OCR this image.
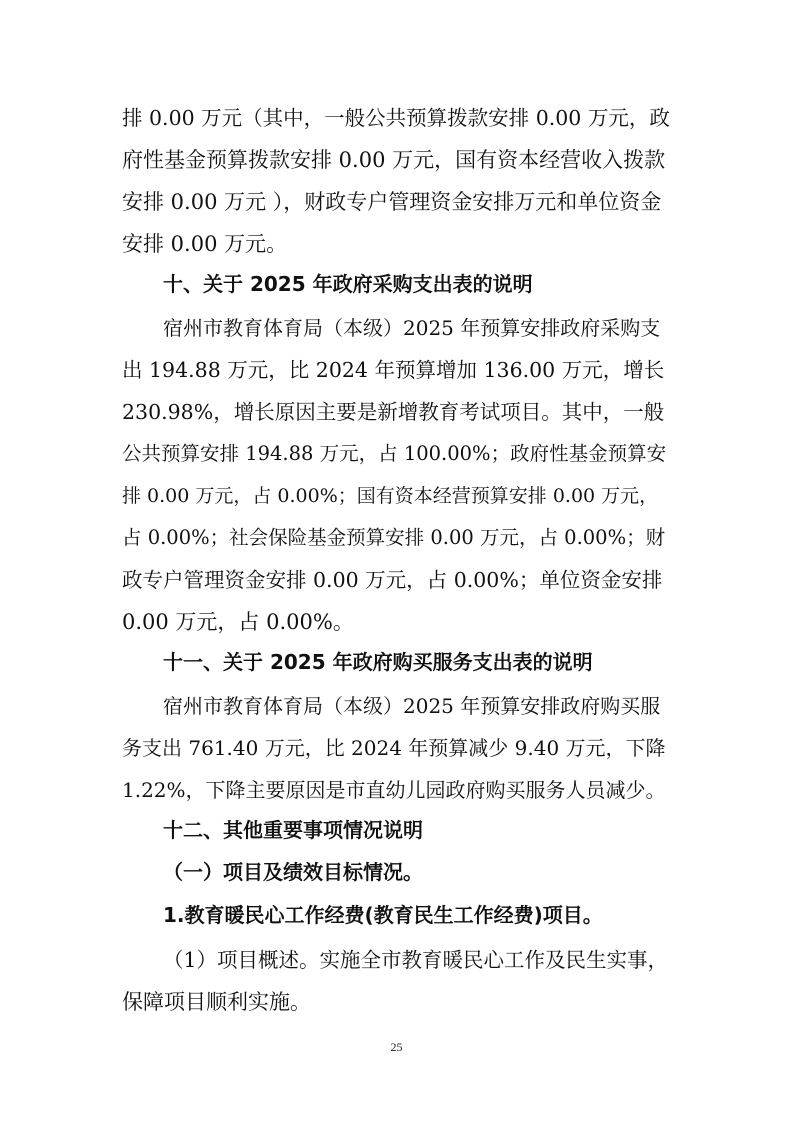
排 0.00 万元（其中，一般公共预算拨款安排 0.00 万元，政
府性基金预算拨款安排 0.00 万元，国有资本经营收入拨款
安排 0.00 万元 ），财政专户管理资金安排万元和单位资金
安排 0.00 万元。
十、关于 2025 年政府采购支出表的说明
宿州市教育体育局（本级）2025 年预算安排政府采购支
出 194.88 万元，比 2024 年预算增加 136.00 万元，增长
230.98%，增长原因主要是新增教育考试项目。其中，一般
公共预算安排 194.88 万元，占 100.00%；政府性基金预算安
排 0.00 万元，占 0.00%；国有资本经营预算安排 0.00 万元，
占 0.00%；社会保险基金预算安排 0.00 万元，占 0.00%；财
政专户管理资金安排 0.00 万元，占 0.00%；单位资金安排
0.00 万元，占 0.00%。
十一、关于 2025 年政府购买服务支出表的说明
宿州市教育体育局（本级）2025 年预算安排政府购买服
务支出 761.40 万元，比 2024 年预算减少 9.40 万元，下降
1.22%，下降主要原因是市直幼儿园政府购买服务人员减少。
十二、其他重要事项情况说明
（一）项目及绩效目标情况。
1.教育暖民心工作经费(教育民生工作经费)项目。
（1）项目概述。实施全市教育暖民心工作及民生实事，
保障项目顺利实施。
25
